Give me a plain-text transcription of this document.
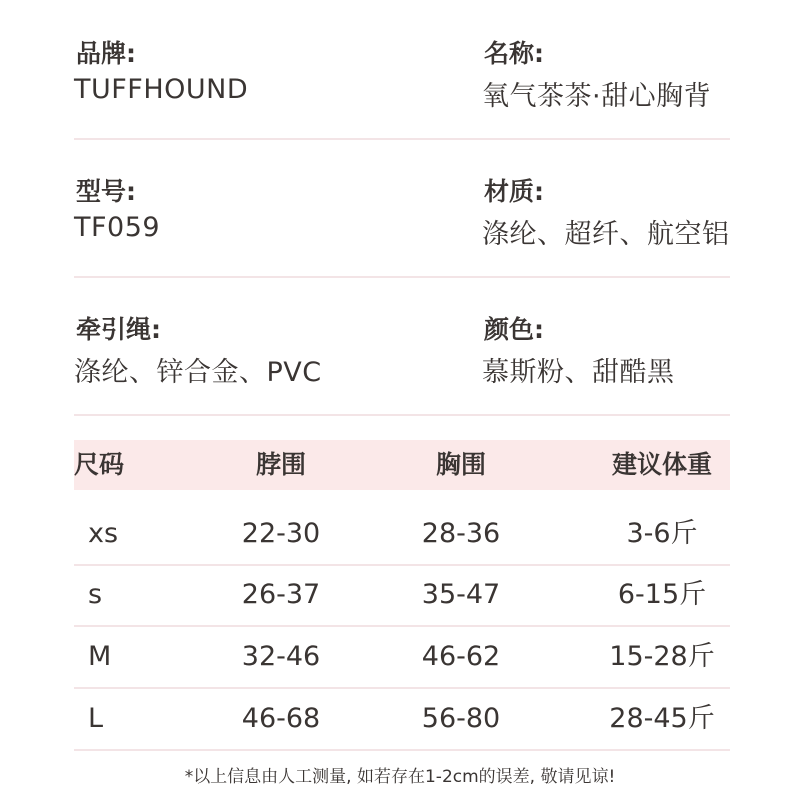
品牌:
TUFFHOUND
名称:
氧气茶茶·甜心胸背
型号:
TF059
材质:
涤纶、超纤、航空铝
牵引绳:
涤纶、锌合金、PVC
颜色:
慕斯粉、甜酷黑
尺码	脖围	胸围	建议体重
xs	22-30	28-36	3-6斤
s	26-37	35-47	6-15斤
M	32-46	46-62	15-28斤
L	46-68	56-80	28-45斤
*以上信息由人工测量, 如若存在1-2cm的误差, 敬请见谅!
